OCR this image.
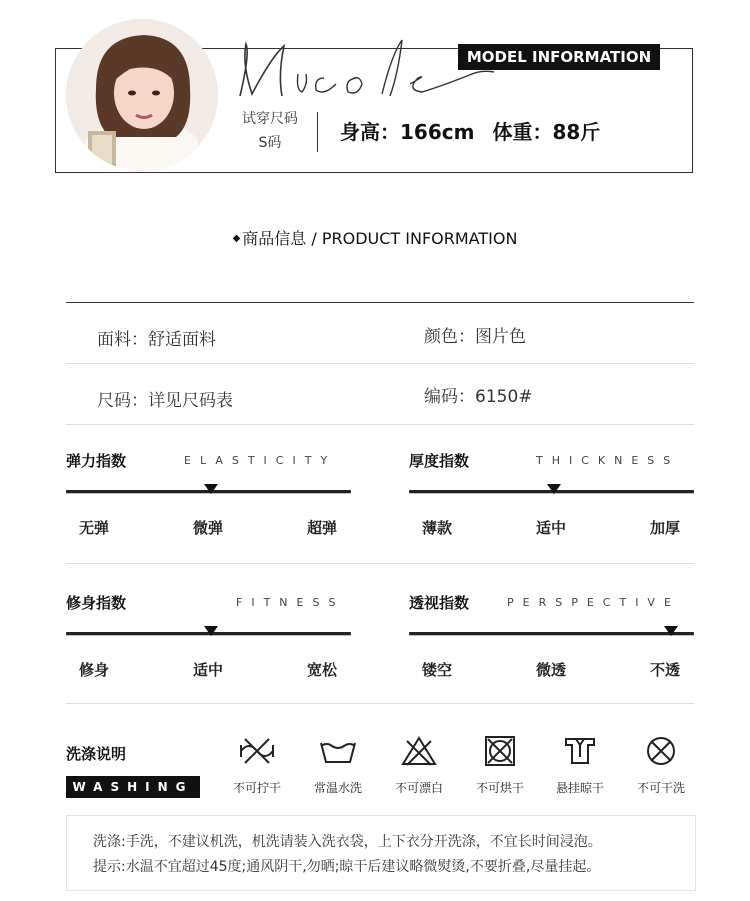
MODEL INFORMATION
试穿尺码
S码	身高：166cm 体重：88斤
◆ 商品信息 / PRODUCT INFORMATION
面料：舒适面料	颜色：图片色
尺码：详见尺码表	编码：6150#
弹力指数	ELASTICITY
无弹	微弹	超弹
厚度指数	THICKNESS
薄款	适中	加厚
修身指数	FITNESS
修身	适中	宽松
透视指数	PERSPECTIVE
镂空	微透	不透
洗涤说明
WASHING	不可拧干	常温水洗	不可漂白	不可烘干	悬挂晾干	不可干洗
洗涤:手洗，不建议机洗，机洗请装入洗衣袋，上下衣分开洗涤，不宜长时间浸泡。
提示:水温不宜超过45度;通风阴干,勿晒;晾干后建议略微熨烫,不要折叠,尽量挂起。
